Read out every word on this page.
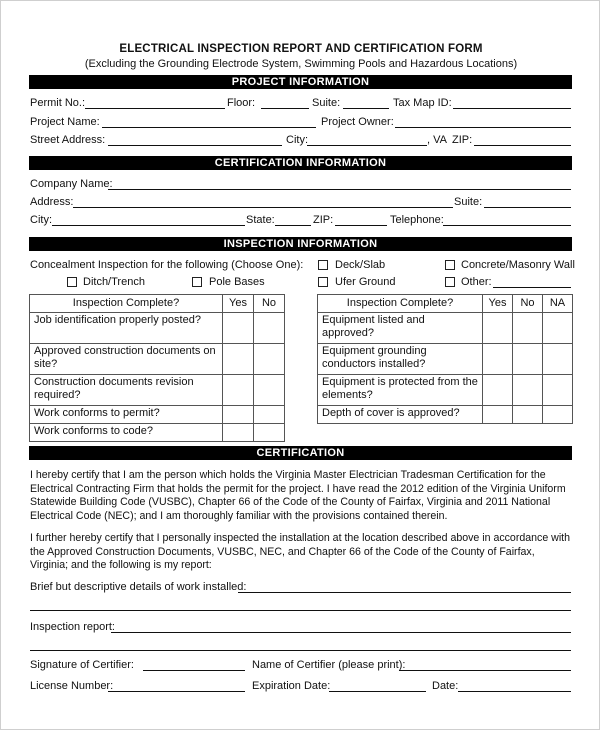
ELECTRICAL INSPECTION REPORT AND CERTIFICATION FORM
(Excluding the Grounding Electrode System, Swimming Pools and Hazardous Locations)
PROJECT INFORMATION
Permit No.:	Floor:	Suite:	Tax Map ID:
Project Name:	Project Owner:
Street Address:	City:	, VA ZIP:
CERTIFICATION INFORMATION
Company Name:
Address:	Suite:
City:	State:	ZIP:	Telephone:
INSPECTION INFORMATION
Concealment Inspection for the following (Choose One):	Deck/Slab	Concrete/Masonry Wall
Ditch/Trench	Pole Bases	Ufer Ground	Other:
Inspection Complete?	Yes	No
Job identification properly posted?		
Approved construction documents on site?		
Construction documents revision required?		
Work conforms to permit?		
Work conforms to code?		
Inspection Complete?	Yes	No	NA
Equipment listed and approved?			
Equipment grounding conductors installed?			
Equipment is protected from the elements?			
Depth of cover is approved?			
CERTIFICATION
I hereby certify that I am the person which holds the Virginia Master Electrician Tradesman Certification for the Electrical Contracting Firm that holds the permit for the project. I have read the 2012 edition of the Virginia Uniform Statewide Building Code (VUSBC), Chapter 66 of the Code of the County of Fairfax, Virginia and 2011 National Electrical Code (NEC); and I am thoroughly familiar with the provisions contained therein.
I further hereby certify that I personally inspected the installation at the location described above in accordance with the Approved Construction Documents, VUSBC, NEC, and Chapter 66 of the Code of the County of Fairfax, Virginia; and the following is my report:
Brief but descriptive details of work installed:
Inspection report:
Signature of Certifier:	Name of Certifier (please print):
License Number:	Expiration Date:	Date:
